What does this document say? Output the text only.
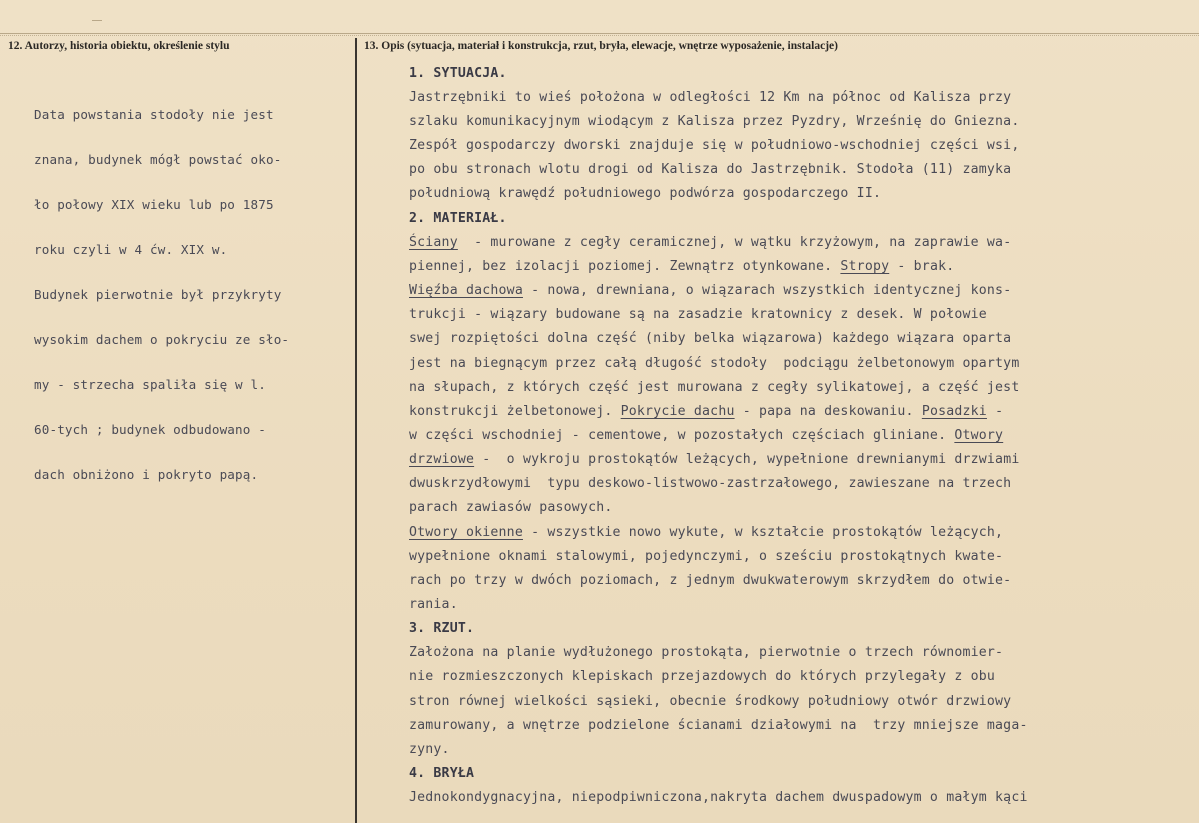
12. Autorzy, historia obiektu, określenie stylu	13. Opis (sytuacja, materiał i konstrukcja, rzut, bryła, elewacje, wnętrze wyposażenie, instalacje)

Data powstania stodoły nie jest

znana, budynek mógł powstać oko-

ło połowy XIX wieku lub po 1875

roku czyli w 4 ćw. XIX w.

Budynek pierwotnie był przykryty

wysokim dachem o pokryciu ze sło-

my - strzecha spaliła się w l.

60-tych ; budynek odbudowano -

dach obniżono i pokryto papą.

1. SYTUACJA.
Jastrzębniki to wieś położona w odległości 12 Km na północ od Kalisza przy
szlaku komunikacyjnym wiodącym z Kalisza przez Pyzdry, Wrześnię do Gniezna.
Zespół gospodarczy dworski znajduje się w południowo-wschodniej części wsi,
po obu stronach wlotu drogi od Kalisza do Jastrzębnik. Stodoła (11) zamyka
południową krawędź południowego podwórza gospodarczego II.
2. MATERIAŁ.
Ściany  - murowane z cegły ceramicznej, w wątku krzyżowym, na zaprawie wa-
piennej, bez izolacji poziomej. Zewnątrz otynkowane. Stropy - brak.
Więźba dachowa - nowa, drewniana, o wiązarach wszystkich identycznej kons-
trukcji - wiązary budowane są na zasadzie kratownicy z desek. W połowie
swej rozpiętości dolna część (niby belka wiązarowa) każdego wiązara oparta
jest na biegnącym przez całą długość stodoły  podciągu żelbetonowym opartym
na słupach, z których część jest murowana z cegły sylikatowej, a część jest
konstrukcji żelbetonowej. Pokrycie dachu - papa na deskowaniu. Posadzki -
w części wschodniej - cementowe, w pozostałych częściach gliniane. Otwory
drzwiowe -  o wykroju prostokątów leżących, wypełnione drewnianymi drzwiami
dwuskrzydłowymi  typu deskowo-listwowo-zastrzałowego, zawieszane na trzech
parach zawiasów pasowych.
Otwory okienne - wszystkie nowo wykute, w kształcie prostokątów leżących,
wypełnione oknami stalowymi, pojedynczymi, o sześciu prostokątnych kwate-
rach po trzy w dwóch poziomach, z jednym dwukwaterowym skrzydłem do otwie-
rania.
3. RZUT.
Założona na planie wydłużonego prostokąta, pierwotnie o trzech równomier-
nie rozmieszczonych klepiskach przejazdowych do których przylegały z obu
stron równej wielkości sąsieki, obecnie środkowy południowy otwór drzwiowy
zamurowany, a wnętrze podzielone ścianami działowymi na  trzy mniejsze maga-
zyny.
4. BRYŁA
Jednokondygnacyjna, niepodpiwniczona,nakryta dachem dwuspadowym o małym kąci
